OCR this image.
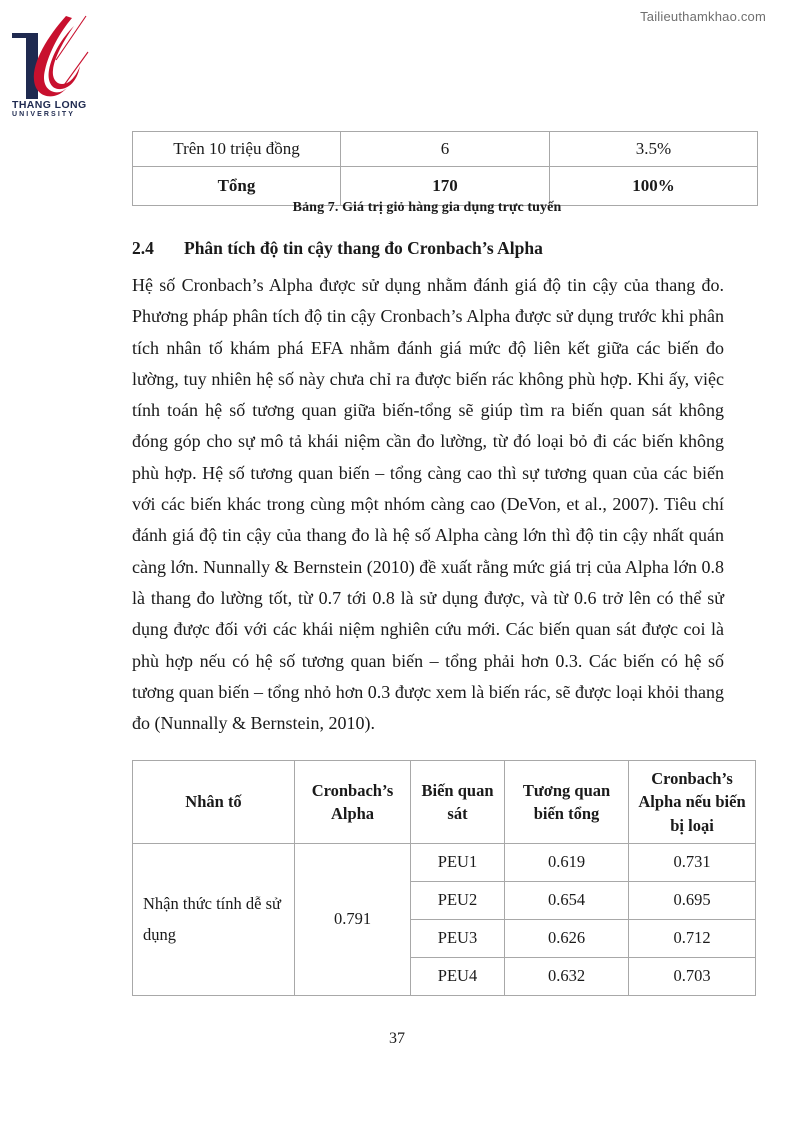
Tailieuthamkhao.com
THANG LONG
UNIVERSITY
Trên 10 triệu đồng	6	3.5%
Tổng	170	100%
Bảng 7. Giá trị giỏ hàng gia dụng trực tuyến
2.4 Phân tích độ tin cậy thang đo Cronbach’s Alpha

Hệ số Cronbach’s Alpha được sử dụng nhằm đánh giá độ tin cậy của thang đo. Phương pháp phân tích độ tin cậy Cronbach’s Alpha được sử dụng trước khi phân tích nhân tố khám phá EFA nhằm đánh giá mức độ liên kết giữa các biến đo lường, tuy nhiên hệ số này chưa chỉ ra được biến rác không phù hợp. Khi ấy, việc tính toán hệ số tương quan giữa biến-tổng sẽ giúp tìm ra biến quan sát không đóng góp cho sự mô tả khái niệm cần đo lường, từ đó loại bỏ đi các biến không phù hợp. Hệ số tương quan biến – tổng càng cao thì sự tương quan của các biến với các biến khác trong cùng một nhóm càng cao (DeVon, et al., 2007). Tiêu chí đánh giá độ tin cậy của thang đo là hệ số Alpha càng lớn thì độ tin cậy nhất quán càng lớn. Nunnally & Bernstein (2010) đề xuất rằng mức giá trị của Alpha lớn 0.8 là thang đo lường tốt, từ 0.7 tới 0.8 là sử dụng được, và từ 0.6 trở lên có thể sử dụng được đối với các khái niệm nghiên cứu mới. Các biến quan sát được coi là phù hợp nếu có hệ số tương quan biến – tổng phải hơn 0.3. Các biến có hệ số tương quan biến – tổng nhỏ hơn 0.3 được xem là biến rác, sẽ được loại khỏi thang đo (Nunnally & Bernstein, 2010).

Nhân tố	Cronbach’s Alpha	Biến quan sát	Tương quan biến tổng	Cronbach’s Alpha nếu biến bị loại
Nhận thức tính dễ sử dụng	0.791	PEU1	0.619	0.731
		PEU2	0.654	0.695
		PEU3	0.626	0.712
		PEU4	0.632	0.703
37
